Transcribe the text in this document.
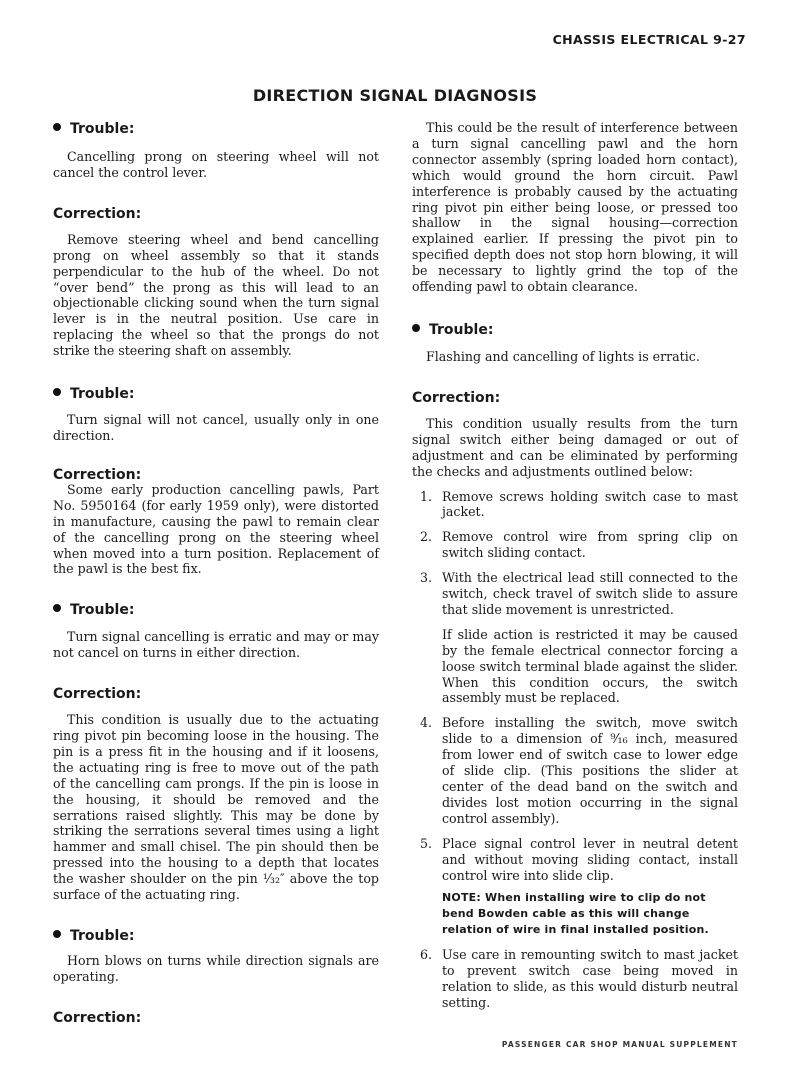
CHASSIS ELECTRICAL 9-27
DIRECTION SIGNAL DIAGNOSIS
Trouble:

Cancelling prong on steering wheel will not cancel the control lever.

Correction:

Remove steering wheel and bend cancelling prong on wheel assembly so that it stands perpendicular to the hub of the wheel. Do not “over bend” the prong as this will lead to an objectionable clicking sound when the turn signal lever is in the neutral position. Use care in replacing the wheel so that the prongs do not strike the steering shaft on assembly.

Trouble:

Turn signal will not cancel, usually only in one direction.

Correction:

Some early production cancelling pawls, Part No. 5950164 (for early 1959 only), were distorted in manufacture, causing the pawl to remain clear of the cancelling prong on the steering wheel when moved into a turn position. Replacement of the pawl is the best fix.

Trouble:

Turn signal cancelling is erratic and may or may not cancel on turns in either direction.

Correction:

This condition is usually due to the actuating ring pivot pin becoming loose in the housing. The pin is a press fit in the housing and if it loosens, the actuating ring is free to move out of the path of the cancelling cam prongs. If the pin is loose in the housing, it should be removed and the serrations raised slightly. This may be done by striking the serrations several times using a light hammer and small chisel. The pin should then be pressed into the housing to a depth that locates the washer shoulder on the pin ¹⁄₃₂″ above the top surface of the actuating ring.

Trouble:

Horn blows on turns while direction signals are operating.

Correction:

This could be the result of interference between a turn signal cancelling pawl and the horn connector assembly (spring loaded horn contact), which would ground the horn circuit. Pawl interference is probably caused by the actuating ring pivot pin either being loose, or pressed too shallow in the signal housing—correction explained earlier. If pressing the pivot pin to specified depth does not stop horn blowing, it will be necessary to lightly grind the top of the offending pawl to obtain clearance.

Trouble:

Flashing and cancelling of lights is erratic.

Correction:

This condition usually results from the turn signal switch either being damaged or out of adjustment and can be eliminated by performing the checks and adjustments outlined below:

1. Remove screws holding switch case to mast jacket.
2. Remove control wire from spring clip on switch sliding contact.
3. With the electrical lead still connected to the switch, check travel of switch slide to assure that slide movement is unrestricted.
If slide action is restricted it may be caused by the female electrical connector forcing a loose switch terminal blade against the slider. When this condition occurs, the switch assembly must be replaced.
4. Before installing the switch, move switch slide to a dimension of ⁹⁄₁₆ inch, measured from lower end of switch case to lower edge of slide clip. (This positions the slider at center of the dead band on the switch and divides lost motion occurring in the signal control assembly).
5. Place signal control lever in neutral detent and without moving sliding contact, install control wire into slide clip.
NOTE: When installing wire to clip do not bend Bowden cable as this will change relation of wire in final installed position.
6. Use care in remounting switch to mast jacket to prevent switch case being moved in relation to slide, as this would disturb neutral setting.
PASSENGER CAR SHOP MANUAL SUPPLEMENT
